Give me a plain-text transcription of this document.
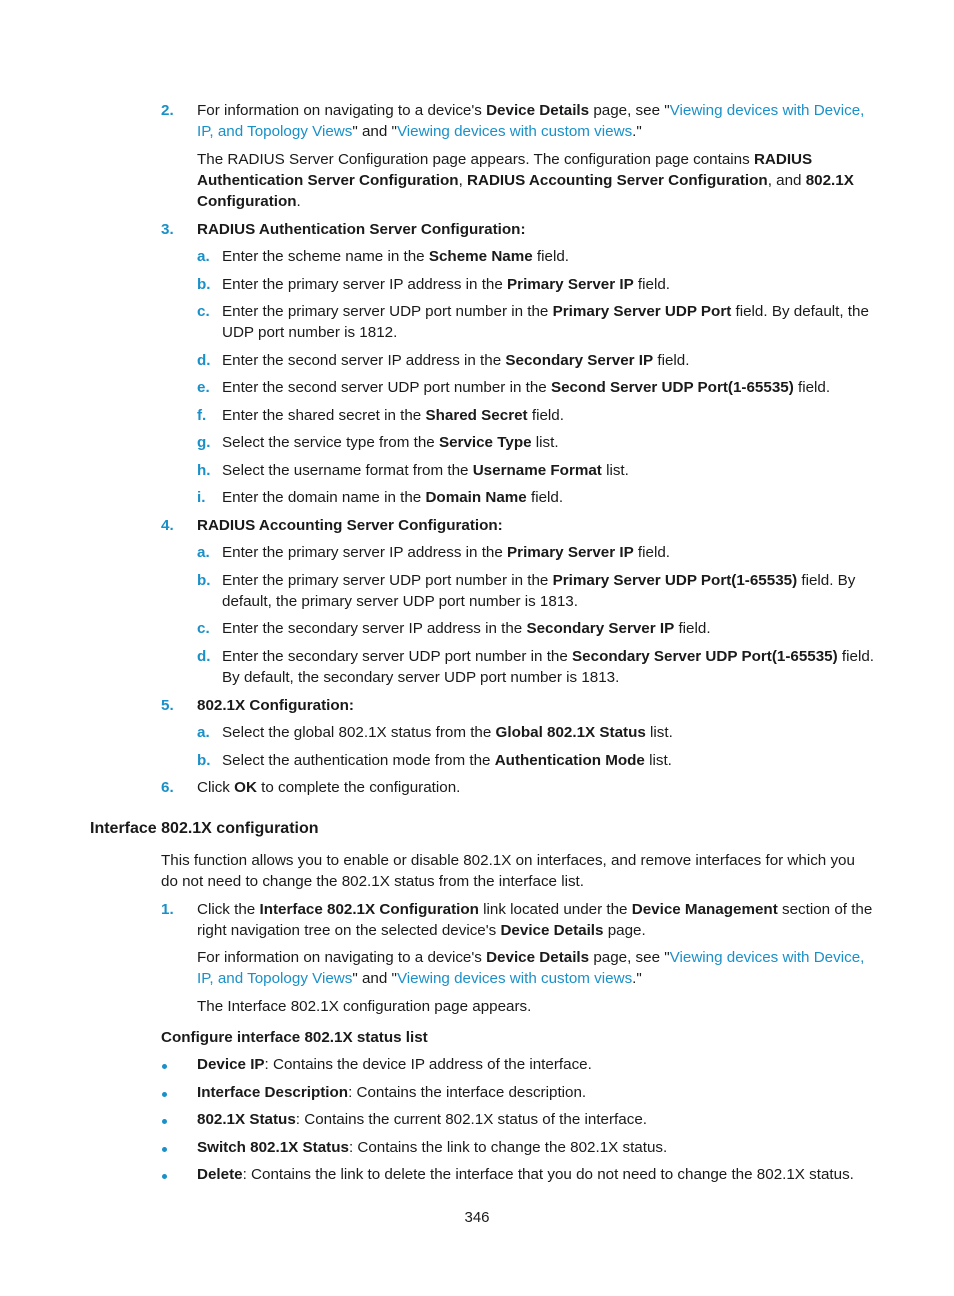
2. For information on navigating to a device's Device Details page, see "Viewing devices with Device,
IP, and Topology Views" and "Viewing devices with custom views."
The RADIUS Server Configuration page appears. The configuration page contains RADIUS
Authentication Server Configuration, RADIUS Accounting Server Configuration, and 802.1X
Configuration.
3. RADIUS Authentication Server Configuration:
a. Enter the scheme name in the Scheme Name field.
b. Enter the primary server IP address in the Primary Server IP field.
c. Enter the primary server UDP port number in the Primary Server UDP Port field. By default, the
UDP port number is 1812.
d. Enter the second server IP address in the Secondary Server IP field.
e. Enter the second server UDP port number in the Second Server UDP Port(1-65535) field.
f. Enter the shared secret in the Shared Secret field.
g. Select the service type from the Service Type list.
h. Select the username format from the Username Format list.
i. Enter the domain name in the Domain Name field.
4. RADIUS Accounting Server Configuration:
a. Enter the primary server IP address in the Primary Server IP field.
b. Enter the primary server UDP port number in the Primary Server UDP Port(1-65535) field. By
default, the primary server UDP port number is 1813.
c. Enter the secondary server IP address in the Secondary Server IP field.
d. Enter the secondary server UDP port number in the Secondary Server UDP Port(1-65535) field.
By default, the secondary server UDP port number is 1813.
5. 802.1X Configuration:
a. Select the global 802.1X status from the Global 802.1X Status list.
b. Select the authentication mode from the Authentication Mode list.
6. Click OK to complete the configuration.
Interface 802.1X configuration
This function allows you to enable or disable 802.1X on interfaces, and remove interfaces for which you
do not need to change the 802.1X status from the interface list.
1. Click the Interface 802.1X Configuration link located under the Device Management section of the
right navigation tree on the selected device's Device Details page.
For information on navigating to a device's Device Details page, see "Viewing devices with Device,
IP, and Topology Views" and "Viewing devices with custom views."
The Interface 802.1X configuration page appears.
Configure interface 802.1X status list
Device IP: Contains the device IP address of the interface.
Interface Description: Contains the interface description.
802.1X Status: Contains the current 802.1X status of the interface.
Switch 802.1X Status: Contains the link to change the 802.1X status.
Delete: Contains the link to delete the interface that you do not need to change the 802.1X status.
346
